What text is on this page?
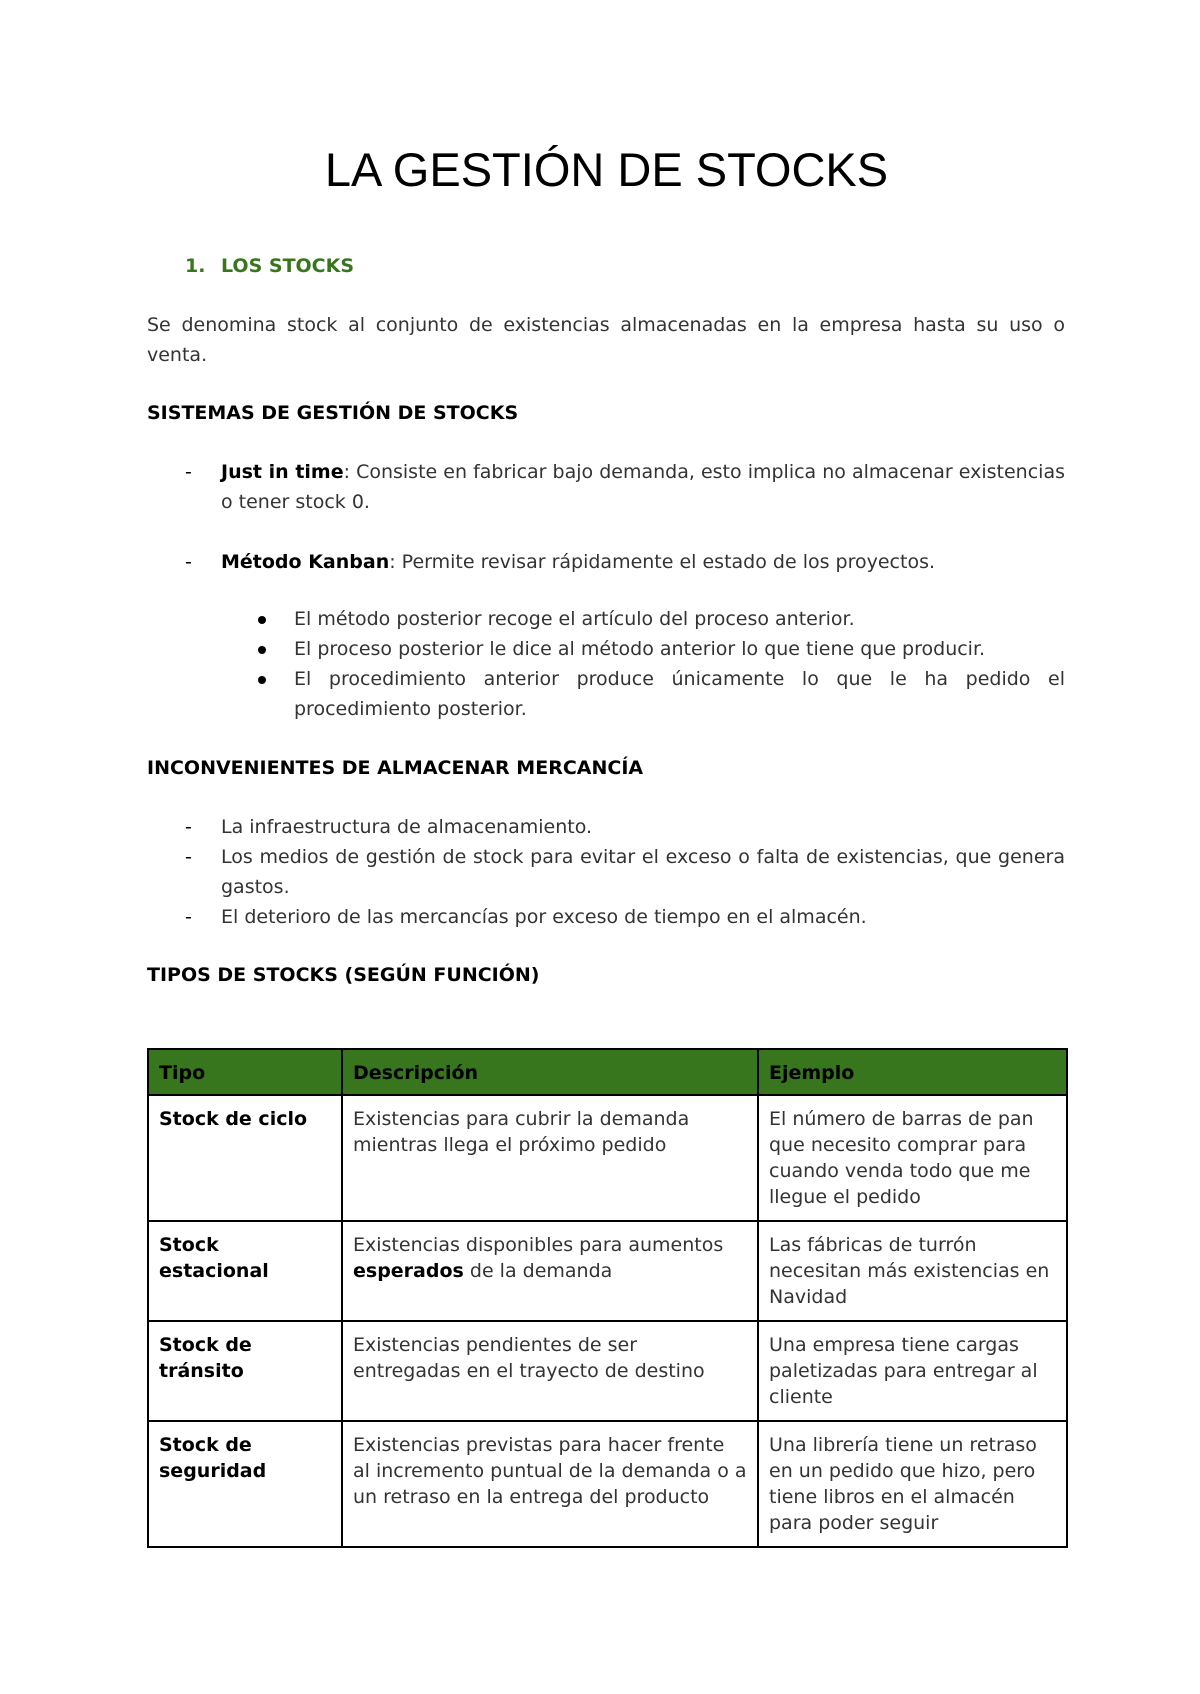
LA GESTIÓN DE STOCKS
1. LOS STOCKS
Se denomina stock al conjunto de existencias almacenadas en la empresa hasta su uso o venta.
SISTEMAS DE GESTIÓN DE STOCKS
-	Just in time: Consiste en fabricar bajo demanda, esto implica no almacenar existencias o tener stock 0.
-	Método Kanban: Permite revisar rápidamente el estado de los proyectos.
El método posterior recoge el artículo del proceso anterior.
El proceso posterior le dice al método anterior lo que tiene que producir.
El procedimiento anterior produce únicamente lo que le ha pedido el procedimiento posterior.
INCONVENIENTES DE ALMACENAR MERCANCÍA
-	La infraestructura de almacenamiento.
-	Los medios de gestión de stock para evitar el exceso o falta de existencias, que genera gastos.
-	El deterioro de las mercancías por exceso de tiempo en el almacén.
TIPOS DE STOCKS (SEGÚN FUNCIÓN)
Tipo	Descripción	Ejemplo
Stock de ciclo	Existencias para cubrir la demanda mientras llega el próximo pedido	El número de barras de pan que necesito comprar para cuando venda todo que me llegue el pedido
Stock estacional	Existencias disponibles para aumentos esperados de la demanda	Las fábricas de turrón necesitan más existencias en Navidad
Stock de tránsito	Existencias pendientes de ser entregadas en el trayecto de destino	Una empresa tiene cargas paletizadas para entregar al cliente
Stock de seguridad	Existencias previstas para hacer frente al incremento puntual de la demanda o a un retraso en la entrega del producto	Una librería tiene un retraso en un pedido que hizo, pero tiene libros en el almacén para poder seguir
